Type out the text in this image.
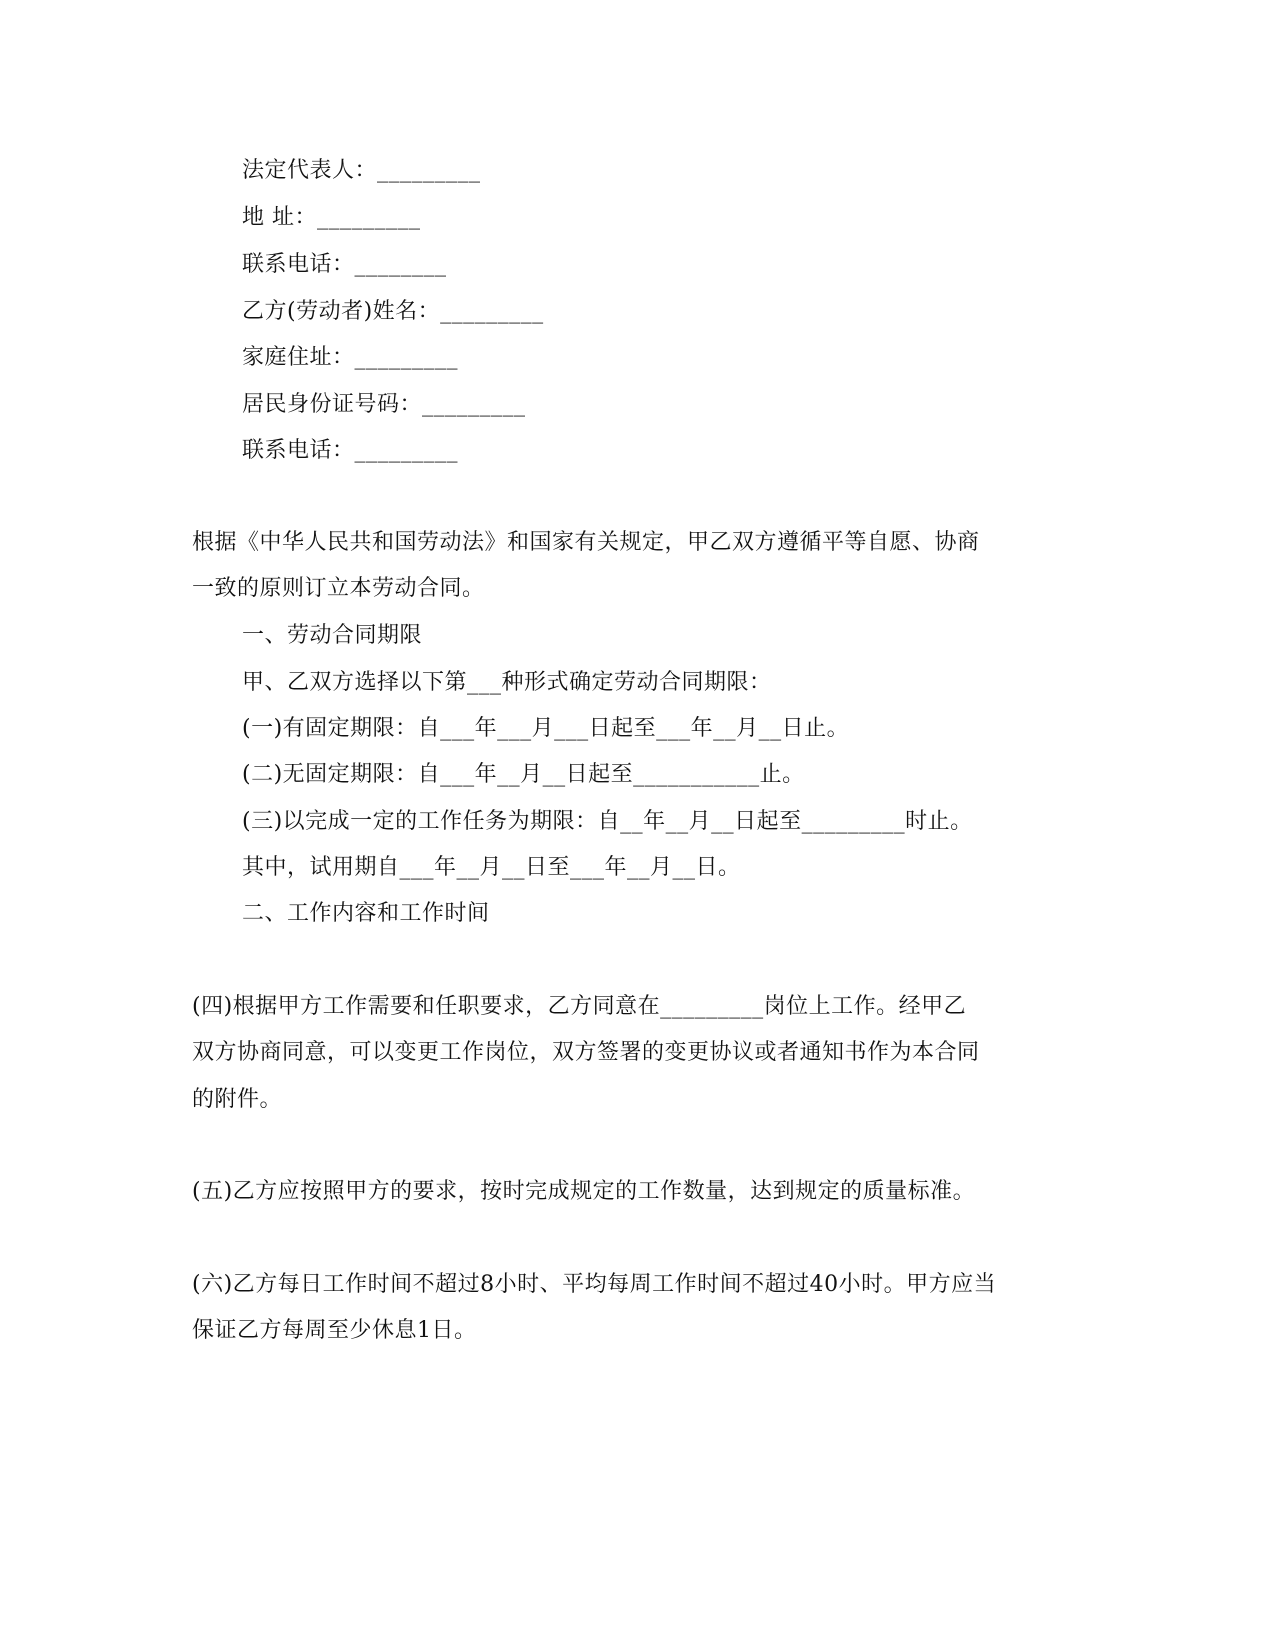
法定代表人：_________
地 址：_________
联系电话：________
乙方(劳动者)姓名：_________
家庭住址：_________
居民身份证号码：_________
联系电话：_________
根据《中华人民共和国劳动法》和国家有关规定，甲乙双方遵循平等自愿、协商
一致的原则订立本劳动合同。
一、劳动合同期限
甲、乙双方选择以下第___种形式确定劳动合同期限：
(一)有固定期限：自___年___月___日起至___年__月__日止。
(二)无固定期限：自___年__月__日起至___________止。
(三)以完成一定的工作任务为期限：自__年__月__日起至_________时止。
其中，试用期自___年__月__日至___年__月__日。
二、工作内容和工作时间
(四)根据甲方工作需要和任职要求，乙方同意在_________岗位上工作。经甲乙
双方协商同意，可以变更工作岗位，双方签署的变更协议或者通知书作为本合同
的附件。
(五)乙方应按照甲方的要求，按时完成规定的工作数量，达到规定的质量标准。
(六)乙方每日工作时间不超过8小时、平均每周工作时间不超过40小时。甲方应当
保证乙方每周至少休息1日。
